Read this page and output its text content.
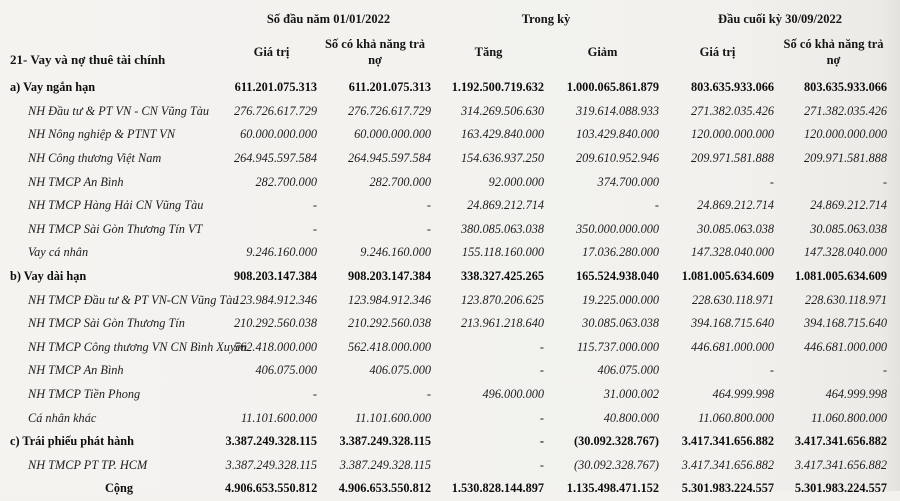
	Số đầu năm 01/01/2022		Trong kỳ		Đầu cuối kỳ 30/09/2022	
21- Vay và nợ thuê tài chính	Giá trị	Số có khả năng trả nợ	Tăng	Giảm	Giá trị	Số có khả năng trả nợ
a) Vay ngắn hạn	611.201.075.313	611.201.075.313	1.192.500.719.632	1.000.065.861.879	803.635.933.066	803.635.933.066
NH Đầu tư & PT VN - CN Vũng Tàu	276.726.617.729	276.726.617.729	314.269.506.630	319.614.088.933	271.382.035.426	271.382.035.426
NH Nông nghiệp & PTNT VN	60.000.000.000	60.000.000.000	163.429.840.000	103.429.840.000	120.000.000.000	120.000.000.000
NH Công thương Việt Nam	264.945.597.584	264.945.597.584	154.636.937.250	209.610.952.946	209.971.581.888	209.971.581.888
NH TMCP An Bình	282.700.000	282.700.000	92.000.000	374.700.000	-	-
NH TMCP Hàng Hải CN Vũng Tàu	-	-	24.869.212.714	-	24.869.212.714	24.869.212.714
NH TMCP Sài Gòn Thương Tín VT	-	-	380.085.063.038	350.000.000.000	30.085.063.038	30.085.063.038
Vay cá nhân	9.246.160.000	9.246.160.000	155.118.160.000	17.036.280.000	147.328.040.000	147.328.040.000
b) Vay dài hạn	908.203.147.384	908.203.147.384	338.327.425.265	165.524.938.040	1.081.005.634.609	1.081.005.634.609
NH TMCP Đầu tư & PT VN-CN Vũng Tàu	123.984.912.346	123.984.912.346	123.870.206.625	19.225.000.000	228.630.118.971	228.630.118.971
NH TMCP Sài Gòn Thương Tín	210.292.560.038	210.292.560.038	213.961.218.640	30.085.063.038	394.168.715.640	394.168.715.640
NH TMCP Công thương VN CN Bình Xuyên	562.418.000.000	562.418.000.000	-	115.737.000.000	446.681.000.000	446.681.000.000
NH TMCP An Bình	406.075.000	406.075.000	-	406.075.000	-	-
NH TMCP Tiền Phong	-	-	496.000.000	31.000.002	464.999.998	464.999.998
Cá nhân khác	11.101.600.000	11.101.600.000	-	40.800.000	11.060.800.000	11.060.800.000
c) Trái phiếu phát hành	3.387.249.328.115	3.387.249.328.115	-	(30.092.328.767)	3.417.341.656.882	3.417.341.656.882
NH TMCP PT TP. HCM	3.387.249.328.115	3.387.249.328.115	-	(30.092.328.767)	3.417.341.656.882	3.417.341.656.882
Cộng	4.906.653.550.812	4.906.653.550.812	1.530.828.144.897	1.135.498.471.152	5.301.983.224.557	5.301.983.224.557
